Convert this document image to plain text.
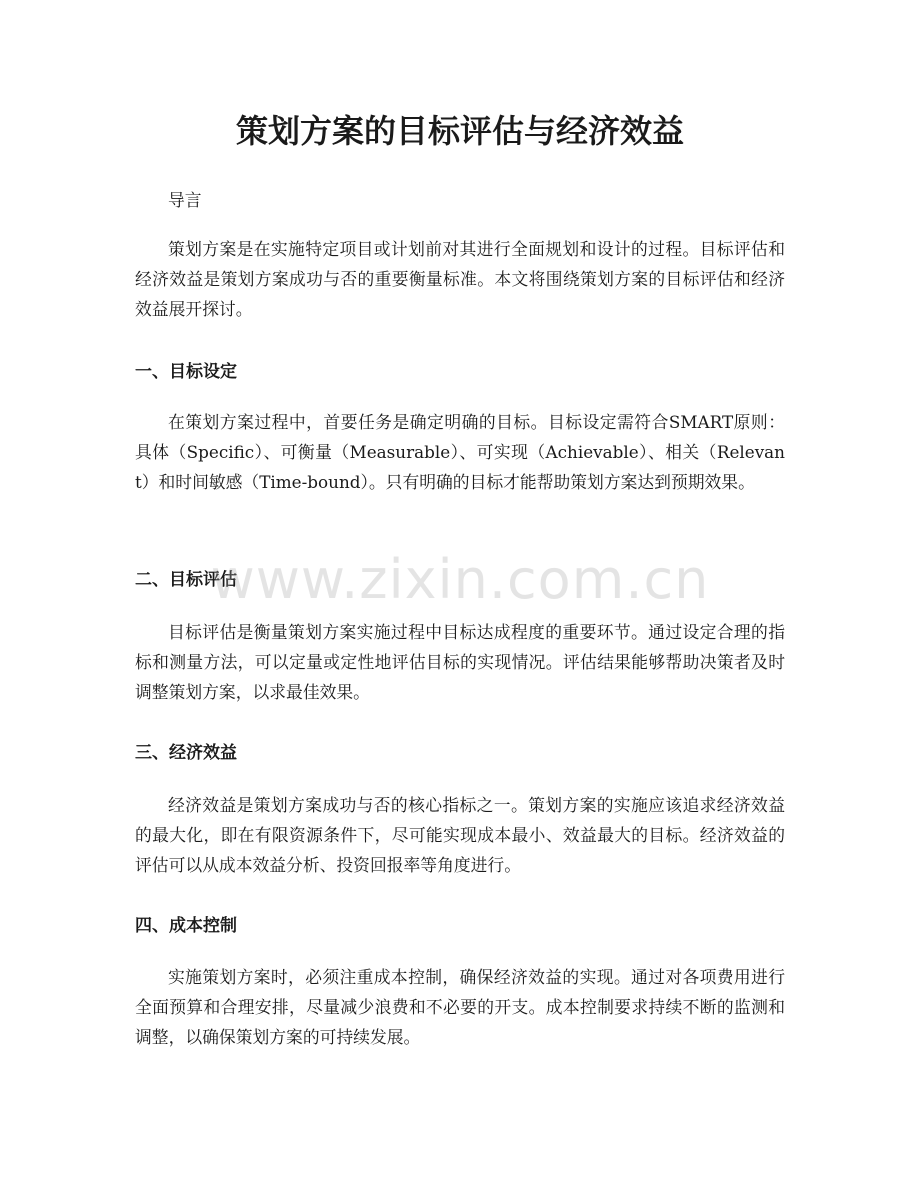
策划方案的目标评估与经济效益

导言

策划方案是在实施特定项目或计划前对其进行全面规划和设计的过程。目标评估和经济效益是策划方案成功与否的重要衡量标准。本文将围绕策划方案的目标评估和经济效益展开探讨。

一、目标设定

在策划方案过程中，首要任务是确定明确的目标。目标设定需符合SMART原则：具体（Specific）、可衡量（Measurable）、可实现（Achievable）、相关（Relevant）和时间敏感（Time-bound）。只有明确的目标才能帮助策划方案达到预期效果。

二、目标评估

目标评估是衡量策划方案实施过程中目标达成程度的重要环节。通过设定合理的指标和测量方法，可以定量或定性地评估目标的实现情况。评估结果能够帮助决策者及时调整策划方案，以求最佳效果。

三、经济效益

经济效益是策划方案成功与否的核心指标之一。策划方案的实施应该追求经济效益的最大化，即在有限资源条件下，尽可能实现成本最小、效益最大的目标。经济效益的评估可以从成本效益分析、投资回报率等角度进行。

四、成本控制

实施策划方案时，必须注重成本控制，确保经济效益的实现。通过对各项费用进行全面预算和合理安排，尽量减少浪费和不必要的开支。成本控制要求持续不断的监测和调整，以确保策划方案的可持续发展。

www.zixin.com.cn
